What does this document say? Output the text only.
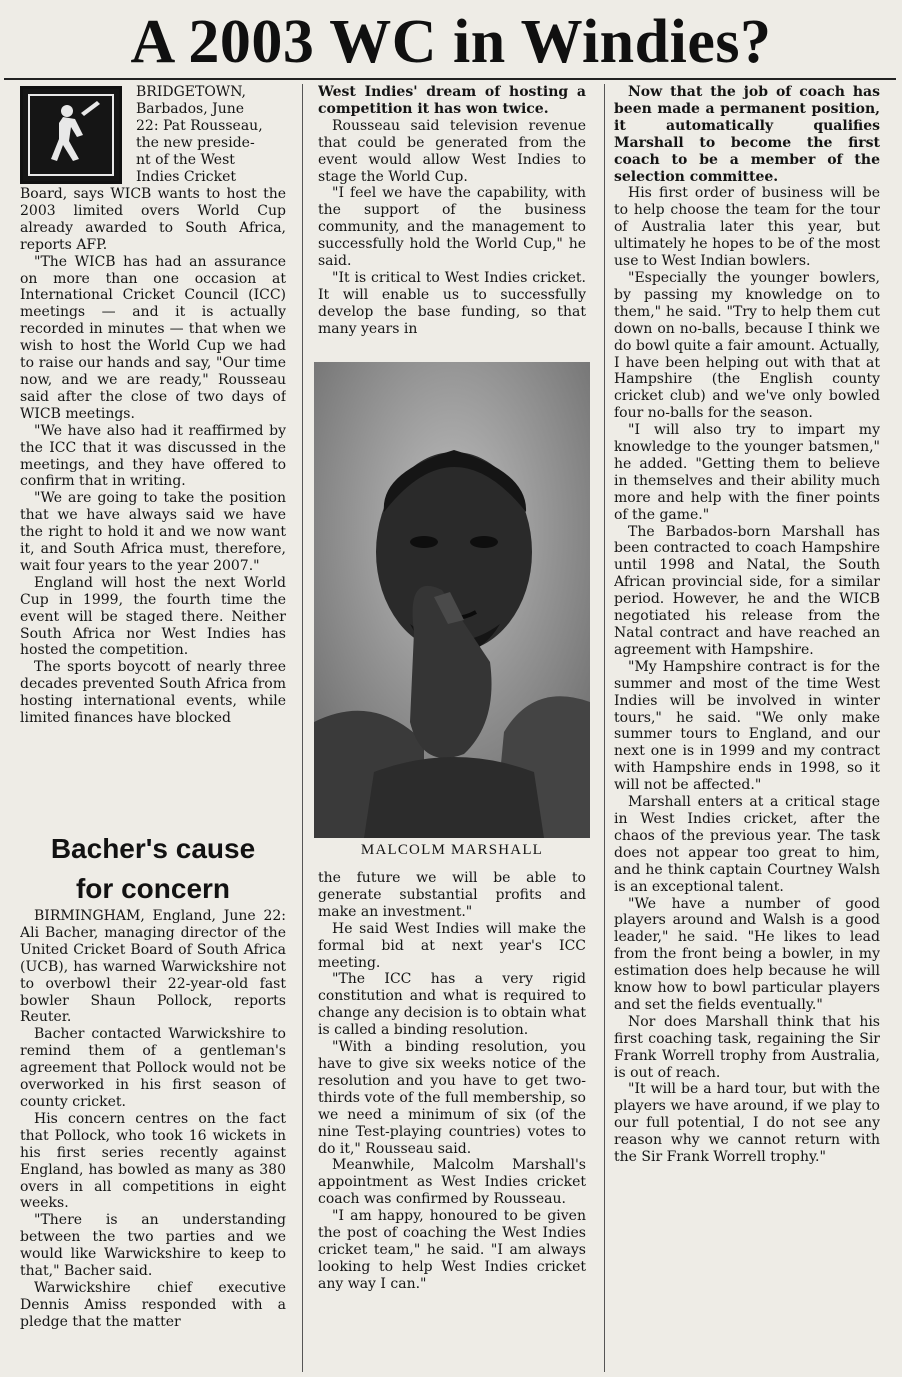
A 2003 WC in Windies?
BRIDGETOWN,
Barbados, June
22: Pat Rousseau,
the new preside-
nt of the West
Indies Cricket

Board, says WICB wants to host the 2003 limited overs World Cup already awarded to South Africa, reports AFP.

"The WICB has had an assurance on more than one occasion at International Cricket Council (ICC) meetings — and it is actually recorded in minutes — that when we wish to host the World Cup we had to raise our hands and say, "Our time now, and we are ready," Rousseau said after the close of two days of WICB meetings.

"We have also had it reaffirmed by the ICC that it was discussed in the meetings, and they have offered to confirm that in writing.

"We are going to take the position that we have always said we have the right to hold it and we now want it, and South Africa must, therefore, wait four years to the year 2007."

England will host the next World Cup in 1999, the fourth time the event will be staged there. Neither South Africa nor West Indies has hosted the competition.

The sports boycott of nearly three decades prevented South Africa from hosting international events, while limited finances have blocked

Bacher's cause
for concern

BIRMINGHAM, England, June 22: Ali Bacher, managing director of the United Cricket Board of South Africa (UCB), has warned Warwickshire not to overbowl their 22-year-old fast bowler Shaun Pollock, reports Reuter.

Bacher contacted Warwickshire to remind them of a gentleman's agreement that Pollock would not be overworked in his first season of county cricket.

His concern centres on the fact that Pollock, who took 16 wickets in his first series recently against England, has bowled as many as 380 overs in all competitions in eight weeks.

"There is an understanding between the two parties and we would like Warwickshire to keep to that," Bacher said.

Warwickshire chief executive Dennis Amiss responded with a pledge that the matter

West Indies' dream of hosting a competition it has won twice.

Rousseau said television revenue that could be generated from the event would allow West Indies to stage the World Cup.

"I feel we have the capability, with the support of the business community, and the management to successfully hold the World Cup," he said.

"It is critical to West Indies cricket. It will enable us to successfully develop the base funding, so that many years in

MALCOLM MARSHALL

the future we will be able to generate substantial profits and make an investment."

He said West Indies will make the formal bid at next year's ICC meeting.

"The ICC has a very rigid constitution and what is required to change any decision is to obtain what is called a binding resolution.

"With a binding resolution, you have to give six weeks notice of the resolution and you have to get two-thirds vote of the full membership, so we need a minimum of six (of the nine Test-playing countries) votes to do it," Rousseau said.

Meanwhile, Malcolm Marshall's appointment as West Indies cricket coach was confirmed by Rousseau.

"I am happy, honoured to be given the post of coaching the West Indies cricket team," he said. "I am always looking to help West Indies cricket any way I can."

Now that the job of coach has been made a permanent position, it automatically qualifies Marshall to become the first coach to be a member of the selection committee.

His first order of business will be to help choose the team for the tour of Australia later this year, but ultimately he hopes to be of the most use to West Indian bowlers.

"Especially the younger bowlers, by passing my knowledge on to them," he said. "Try to help them cut down on no-balls, because I think we do bowl quite a fair amount. Actually, I have been helping out with that at Hampshire (the English county cricket club) and we've only bowled four no-balls for the season.

"I will also try to impart my knowledge to the younger batsmen," he added. "Getting them to believe in themselves and their ability much more and help with the finer points of the game."

The Barbados-born Marshall has been contracted to coach Hampshire until 1998 and Natal, the South African provincial side, for a similar period. However, he and the WICB negotiated his release from the Natal contract and have reached an agreement with Hampshire.

"My Hampshire contract is for the summer and most of the time West Indies will be involved in winter tours," he said. "We only make summer tours to England, and our next one is in 1999 and my contract with Hampshire ends in 1998, so it will not be affected."

Marshall enters at a critical stage in West Indies cricket, after the chaos of the previous year. The task does not appear too great to him, and he think captain Courtney Walsh is an exceptional talent.

"We have a number of good players around and Walsh is a good leader," he said. "He likes to lead from the front being a bowler, in my estimation does help because he will know how to bowl particular players and set the fields eventually."

Nor does Marshall think that his first coaching task, regaining the Sir Frank Worrell trophy from Australia, is out of reach.

"It will be a hard tour, but with the players we have around, if we play to our full potential, I do not see any reason why we cannot return with the Sir Frank Worrell trophy."
